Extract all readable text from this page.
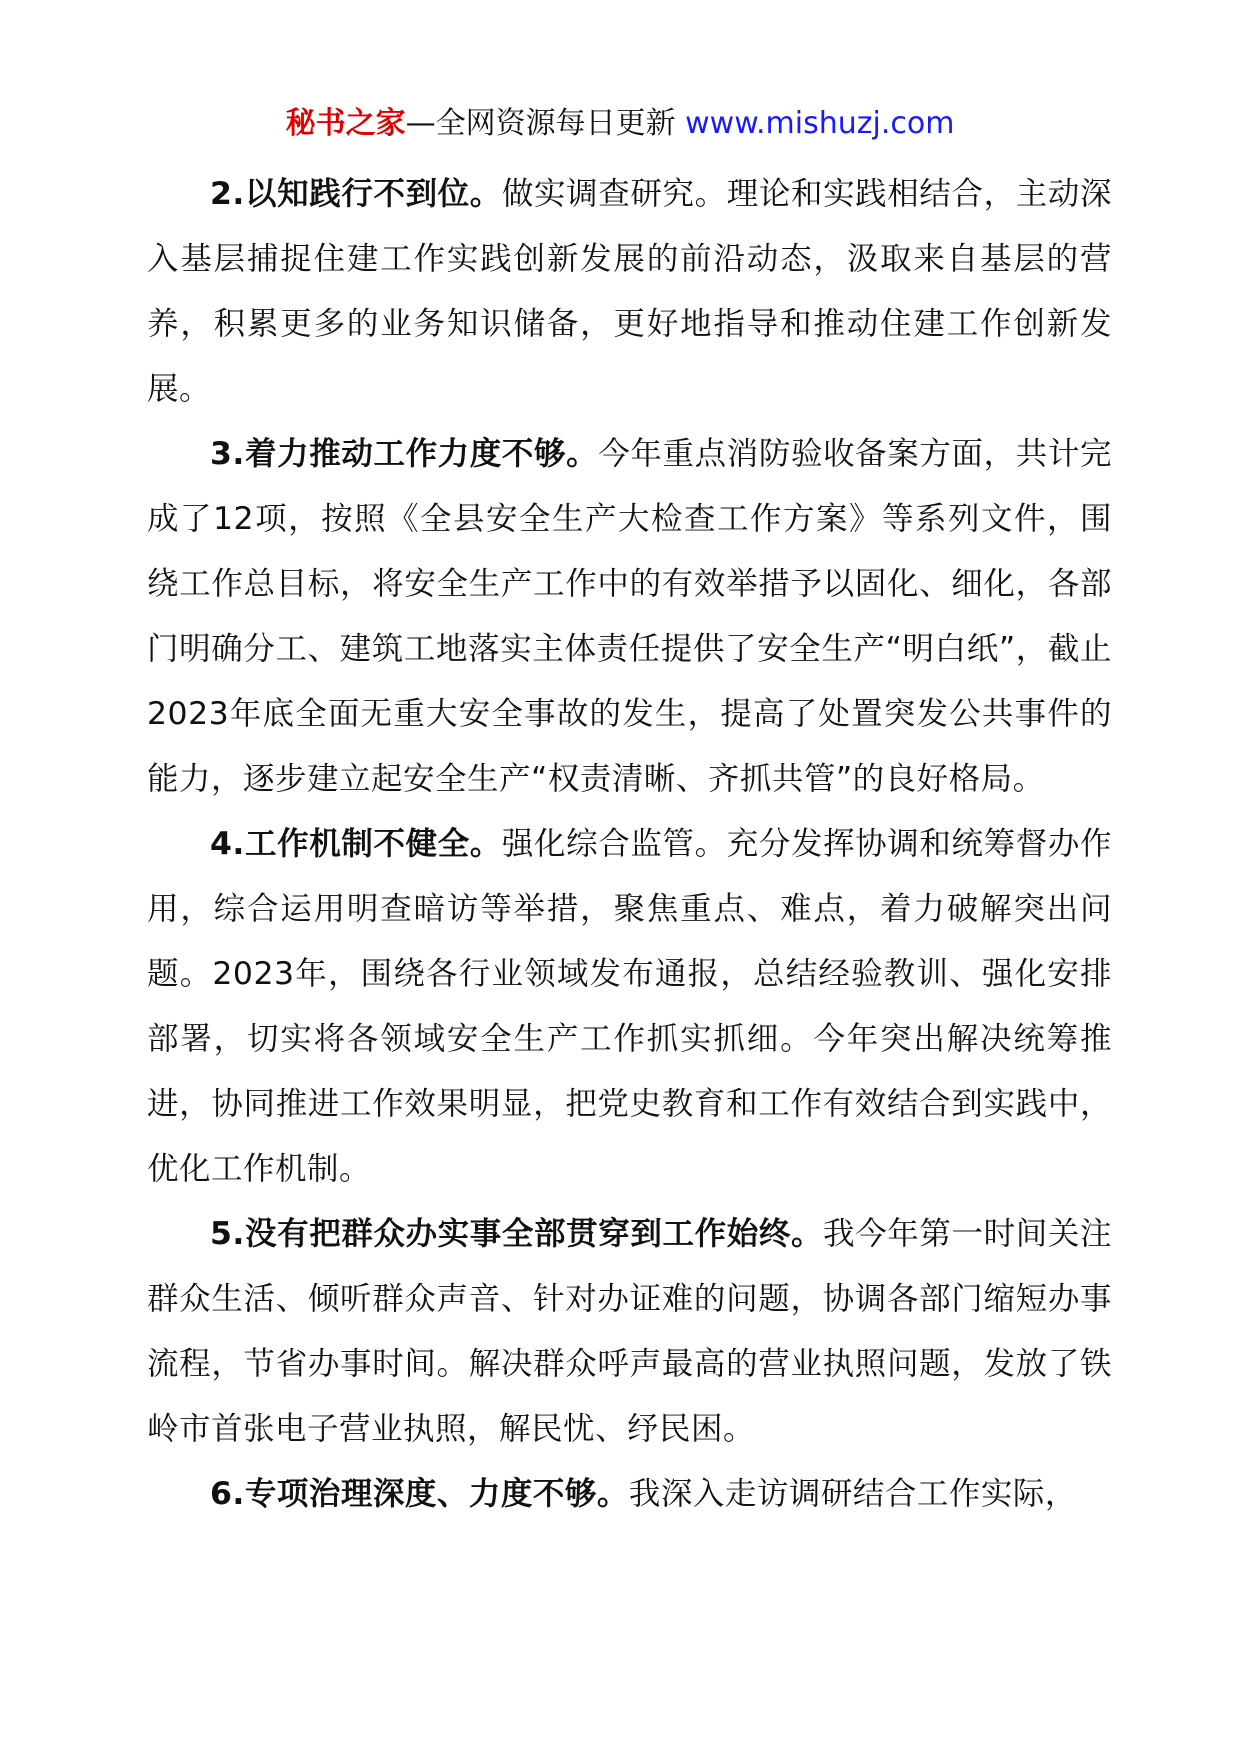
秘书之家—全网资源每日更新 www.mishuzj.com

2.以知践行不到位。做实调查研究。理论和实践相结合，主动深入基层捕捉住建工作实践创新发展的前沿动态，汲取来自基层的营养，积累更多的业务知识储备，更好地指导和推动住建工作创新发展。

3.着力推动工作力度不够。今年重点消防验收备案方面，共计完成了12项，按照《全县安全生产大检查工作方案》等系列文件，围绕工作总目标，将安全生产工作中的有效举措予以固化、细化，各部门明确分工、建筑工地落实主体责任提供了安全生产“明白纸”，截止2023年底全面无重大安全事故的发生，提高了处置突发公共事件的能力，逐步建立起安全生产“权责清晰、齐抓共管”的良好格局。

4.工作机制不健全。强化综合监管。充分发挥协调和统筹督办作用，综合运用明查暗访等举措，聚焦重点、难点，着力破解突出问题。2023年，围绕各行业领域发布通报，总结经验教训、强化安排部署，切实将各领域安全生产工作抓实抓细。今年突出解决统筹推进，协同推进工作效果明显，把党史教育和工作有效结合到实践中，优化工作机制。

5.没有把群众办实事全部贯穿到工作始终。我今年第一时间关注群众生活、倾听群众声音、针对办证难的问题，协调各部门缩短办事流程，节省办事时间。解决群众呼声最高的营业执照问题，发放了铁岭市首张电子营业执照，解民忧、纾民困。

6.专项治理深度、力度不够。我深入走访调研结合工作实际，
